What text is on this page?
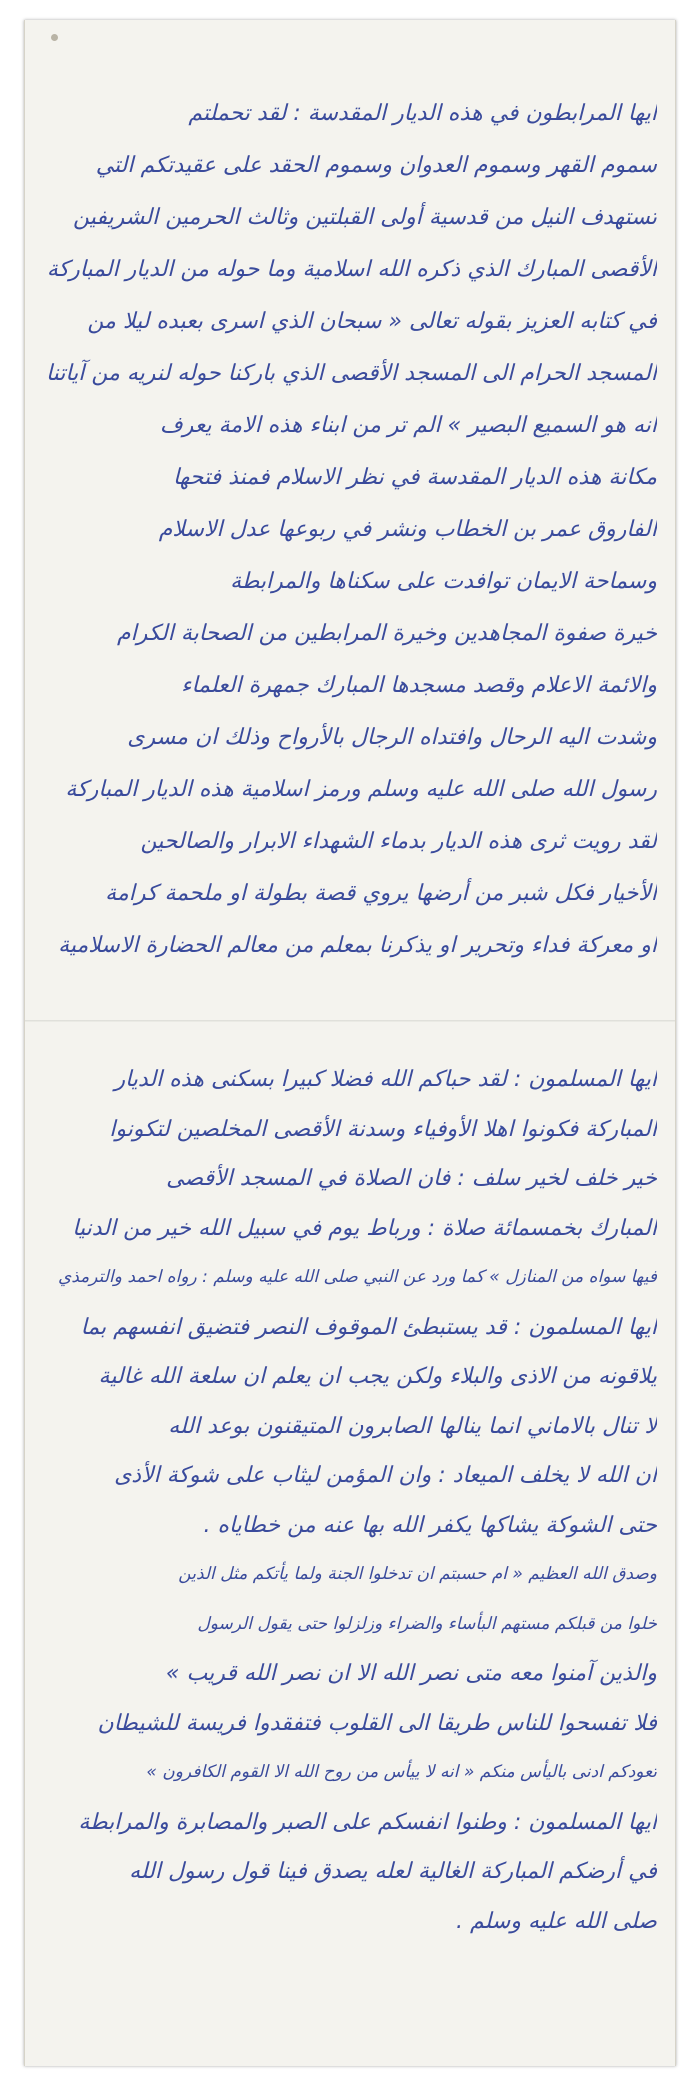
ايها المرابطون في هذه الديار المقدسة : لقد تحملتم
سموم القهر وسموم العدوان وسموم الحقد على عقيدتكم التي
تستهدف النيل من قدسية أولى القبلتين وثالث الحرمين الشريفين
الأقصى المبارك الذي ذكره الله اسلامية وما حوله من الديار المباركة
في كتابه العزيز بقوله تعالى « سبحان الذي اسرى بعبده ليلا من
المسجد الحرام الى المسجد الأقصى الذي باركنا حوله لنريه من آياتنا
انه هو السميع البصير » الم تر من ابناء هذه الامة يعرف
مكانة هذه الديار المقدسة في نظر الاسلام فمنذ فتحها
الفاروق عمر بن الخطاب ونشر في ربوعها عدل الاسلام
وسماحة الايمان توافدت على سكناها والمرابطة
خيرة صفوة المجاهدين وخيرة المرابطين من الصحابة الكرام
والائمة الاعلام وقصد مسجدها المبارك جمهرة العلماء
وشدت اليه الرحال وافتداه الرجال بالأرواح وذلك ان مسرى
رسول الله صلى الله عليه وسلم ورمز اسلامية هذه الديار المباركة
لقد رويت ثرى هذه الديار بدماء الشهداء الابرار والصالحين
الأخيار فكل شبر من أرضها يروي قصة بطولة او ملحمة كرامة
او معركة فداء وتحرير او يذكرنا بمعلم من معالم الحضارة الاسلامية
ايها المسلمون : لقد حباكم الله فضلا كبيرا بسكنى هذه الديار
المباركة فكونوا اهلا الأوفياء وسدنة الأقصى المخلصين لتكونوا
خير خلف لخير سلف : فان الصلاة في المسجد الأقصى
المبارك بخمسمائة صلاة : ورباط يوم في سبيل الله خير من الدنيا
فيها سواه من المنازل » كما ورد عن النبي صلى الله عليه وسلم : رواه احمد والترمذي
ايها المسلمون : قد يستبطئ الموقوف النصر فتضيق انفسهم بما
يلاقونه من الاذى والبلاء ولكن يجب ان يعلم ان سلعة الله غالية
لا تنال بالاماني انما ينالها الصابرون المتيقنون بوعد الله
ان الله لا يخلف الميعاد : وان المؤمن ليثاب على شوكة الأذى
حتى الشوكة يشاكها يكفر الله بها عنه من خطاياه .
وصدق الله العظيم « ام حسبتم ان تدخلوا الجنة ولما يأتكم مثل الذين
خلوا من قبلكم مستهم البأساء والضراء وزلزلوا حتى يقول الرسول
والذين آمنوا معه متى نصر الله الا ان نصر الله قريب »
فلا تفسحوا للناس طريقا الى القلوب فتفقدوا فريسة للشيطان
تعودكم ادنى باليأس منكم « انه لا ييأس من روح الله الا القوم الكافرون »
ايها المسلمون : وطنوا انفسكم على الصبر والمصابرة والمرابطة
في أرضكم المباركة الغالية لعله يصدق فينا قول رسول الله
صلى الله عليه وسلم .
